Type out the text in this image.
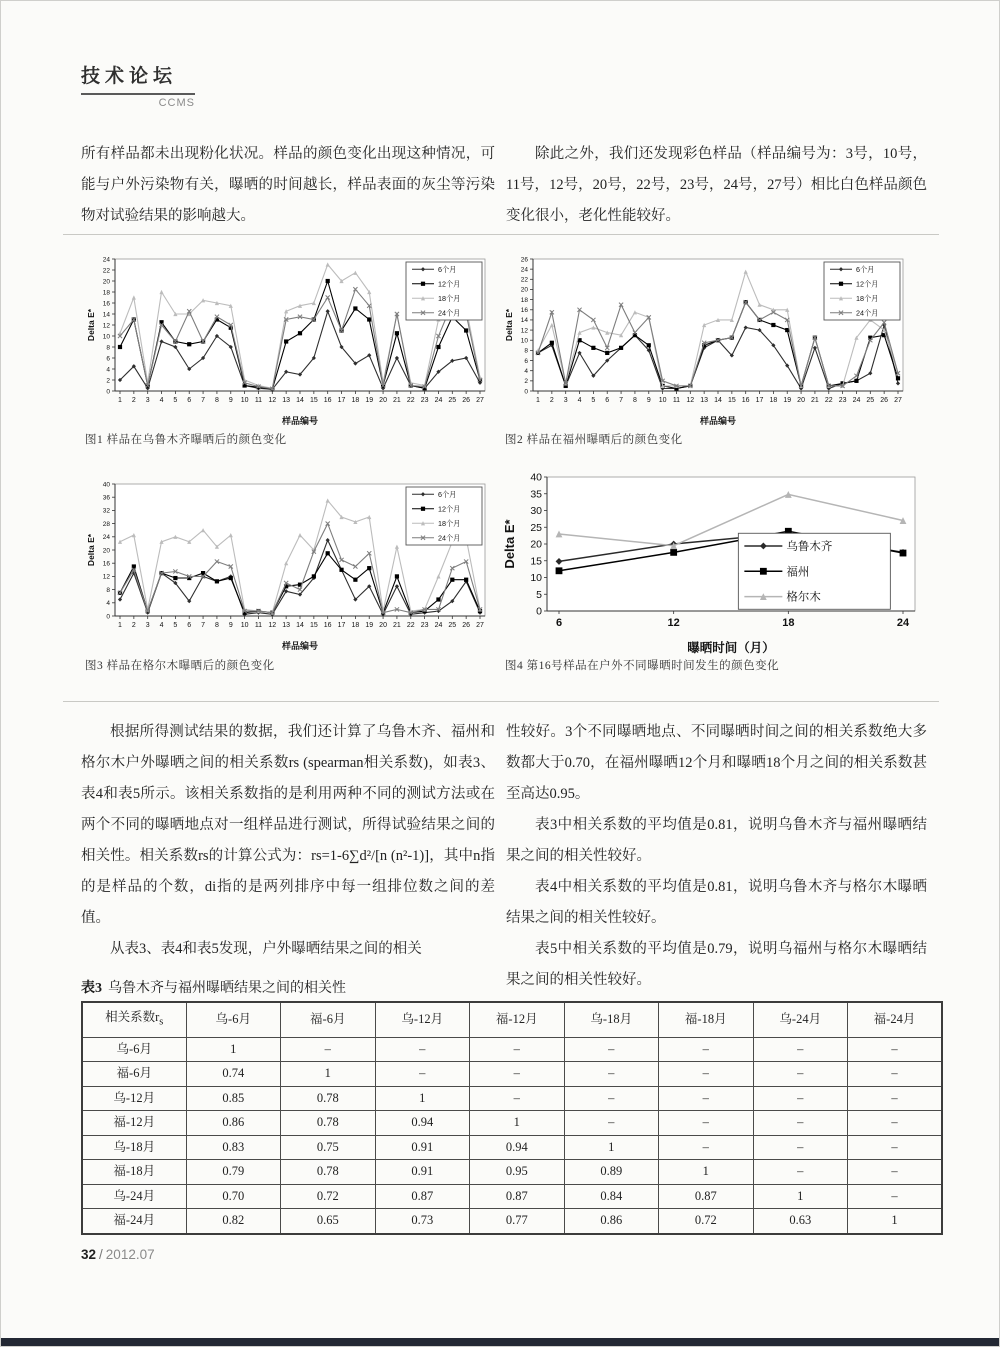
技术论坛
CCMS

所有样品都未出现粉化状况。样品的颜色变化出现这种情况，可能与户外污染物有关，曝晒的时间越长，样品表面的灰尘等污染物对试验结果的影响越大。

除此之外，我们还发现彩色样品（样品编号为：3号，10号，11号，12号，20号，22号，23号，24号，27号）相比白色样品颜色变化很小，老化性能较好。

0
2
4
6
8
10
12
14
16
18
20
22
24
1 2 3 4 5 6 7 8 9 10 11 12 13 14 15 16 17 18 19 20 21 22 23 24 25 26 27
样品编号
Delta E*
6个月
12个月
18个月
24个月
0
2
4
6
8
10
12
14
16
18
20
22
24
26
1 2 3 4 5 6 7 8 9 10 11 12 13 14 15 16 17 18 19 20 21 22 23 24 25 26 27
样品编号
Delta E*
6个月
12个月
18个月
24个月
图1 样品在乌鲁木齐曝晒后的颜色变化	图2 样品在福州曝晒后的颜色变化
0
4
8
12
16
20
24
28
32
36
40
1 2 3 4 5 6 7 8 9 10 11 12 13 14 15 16 17 18 19 20 21 22 23 24 25 26 27
样品编号
Delta E*
6个月
12个月
18个月
24个月
0
5
10
15
20
25
30
35
40
6	12	18	24
曝晒时间（月）
Delta E*	乌鲁木齐
福州
格尔木
图3 样品在格尔木曝晒后的颜色变化	图4 第16号样品在户外不同曝晒时间发生的颜色变化

根据所得测试结果的数据，我们还计算了乌鲁木齐、福州和格尔木户外曝晒之间的相关系数rs (spearman相关系数)，如表3、表4和表5所示。该相关系数指的是利用两种不同的测试方法或在两个不同的曝晒地点对一组样品进行测试，所得试验结果之间的相关性。相关系数rs的计算公式为：rs=1-6∑d²/[n (n²-1)]，其中n指的是样品的个数，di指的是两列排序中每一组排位数之间的差值。

从表3、表4和表5发现，户外曝晒结果之间的相关

性较好。3个不同曝晒地点、不同曝晒时间之间的相关系数绝大多数都大于0.70，在福州曝晒12个月和曝晒18个月之间的相关系数甚至高达0.95。

表3中相关系数的平均值是0.81，说明乌鲁木齐与福州曝晒结果之间的相关性较好。

表4中相关系数的平均值是0.81，说明乌鲁木齐与格尔木曝晒结果之间的相关性较好。

表5中相关系数的平均值是0.79，说明乌福州与格尔木曝晒结果之间的相关性较好。

表3 乌鲁木齐与福州曝晒结果之间的相关性
相关系数$r_s$	乌-6月	福-6月	乌-12月	福-12月	乌-18月	福-18月	乌-24月	福-24月
乌-6月	1	–	–	–	–	–	–	–
福-6月	0.74	1	–	–	–	–	–	–
乌-12月	0.85	0.78	1	–	–	–	–	–
福-12月	0.86	0.78	0.94	1	–	–	–	–
乌-18月	0.83	0.75	0.91	0.94	1	–	–	–
福-18月	0.79	0.78	0.91	0.95	0.89	1	–	–
乌-24月	0.70	0.72	0.87	0.87	0.84	0.87	1	–
福-24月	0.82	0.65	0.73	0.77	0.86	0.72	0.63	1
32 / 2012.07
